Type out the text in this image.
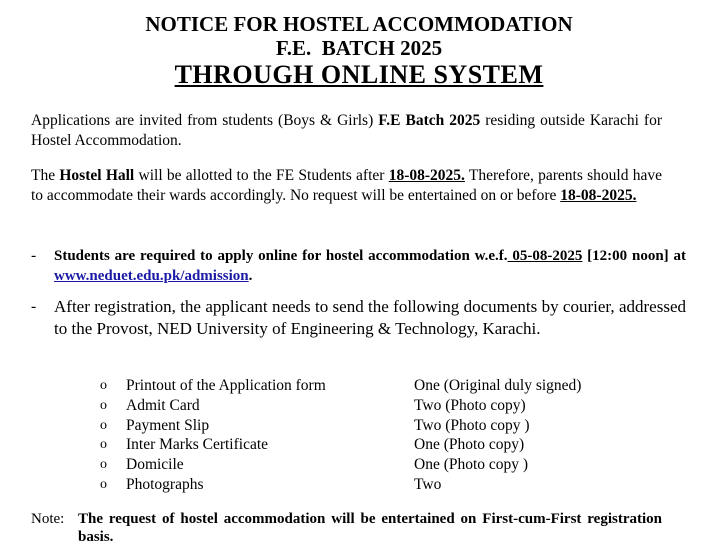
NOTICE FOR HOSTEL ACCOMMODATION
F.E.  BATCH 2025
THROUGH ONLINE SYSTEM

Applications are invited from students (Boys & Girls) F.E Batch 2025 residing outside Karachi for Hostel Accommodation.

The Hostel Hall will be allotted to the FE Students after 18-08-2025. Therefore, parents should have to accommodate their wards accordingly. No request will be entertained on or before 18-08-2025.

- Students are required to apply online for hostel accommodation w.e.f. 05-08-2025 [12:00 noon] at www.neduet.edu.pk/admission.

- After registration, the applicant needs to send the following documents by courier, addressed to the Provost, NED University of Engineering & Technology, Karachi.

o Printout of the Application form	One (Original duly signed)
o Admit Card	Two (Photo copy)
o Payment Slip	Two (Photo copy )
o Inter Marks Certificate	One (Photo copy)
o Domicile	One (Photo copy )
o Photographs	Two
Note: The request of hostel accommodation will be entertained on First-cum-First registration basis.
